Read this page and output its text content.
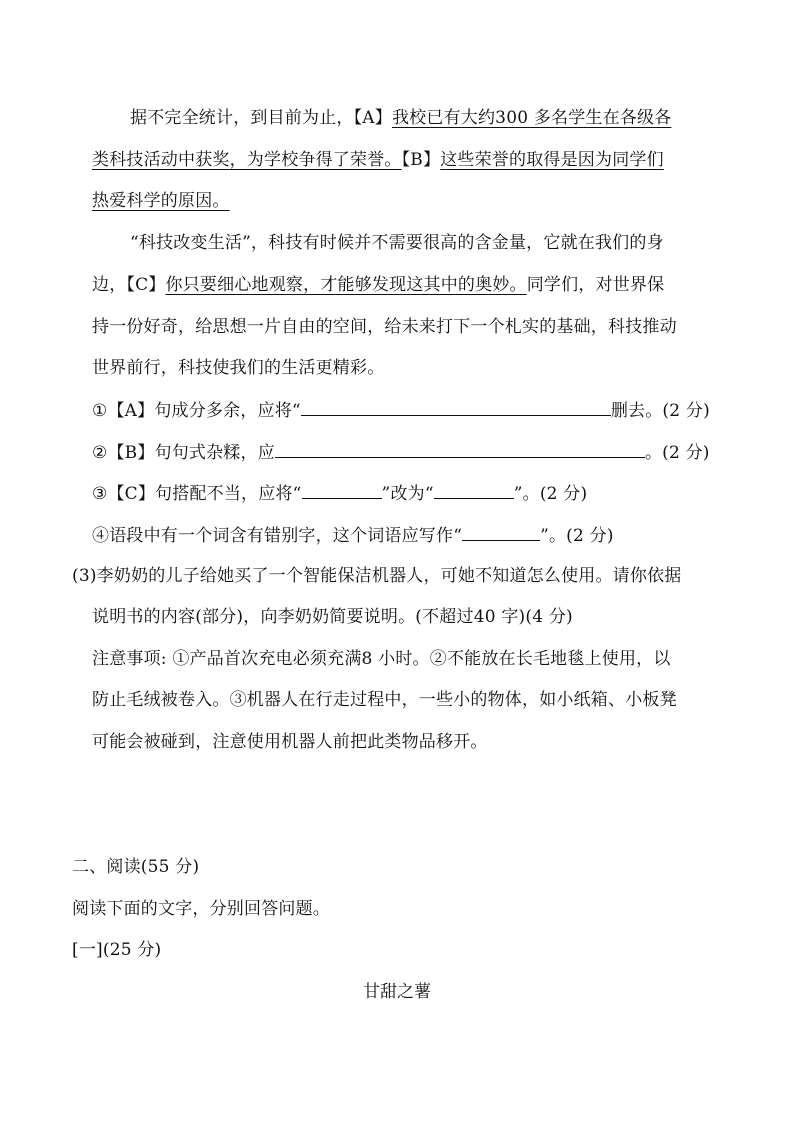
据不完全统计，到目前为止，【A】我校已有大约300 多名学生在各级各
类科技活动中获奖，为学校争得了荣誉。【B】这些荣誉的取得是因为同学们
热爱科学的原因。
“科技改变生活”，科技有时候并不需要很高的含金量，它就在我们的身
边，【C】你只要细心地观察，才能够发现这其中的奥妙。同学们，对世界保
持一份好奇，给思想一片自由的空间，给未来打下一个札实的基础，科技推动
世界前行，科技使我们的生活更精彩。
①【A】句成分多余，应将“	删去。(2 分)
②【B】句句式杂糅，应	。(2 分)
③【C】句搭配不当，应将“	”改为“	”。(2 分)
④语段中有一个词含有错别字，这个词语应写作“	”。(2 分)
(3)李奶奶的儿子给她买了一个智能保洁机器人，可她不知道怎么使用。请你依据
说明书的内容(部分)，向李奶奶简要说明。(不超过40 字)(4 分)
注意事项: ①产品首次充电必须充满8 小时。②不能放在长毛地毯上使用，以
防止毛绒被卷入。③机器人在行走过程中，一些小的物体，如小纸箱、小板凳
可能会被碰到，注意使用机器人前把此类物品移开。
二、阅读(55 分)
阅读下面的文字，分别回答问题。
[一](25 分)
甘甜之薯
